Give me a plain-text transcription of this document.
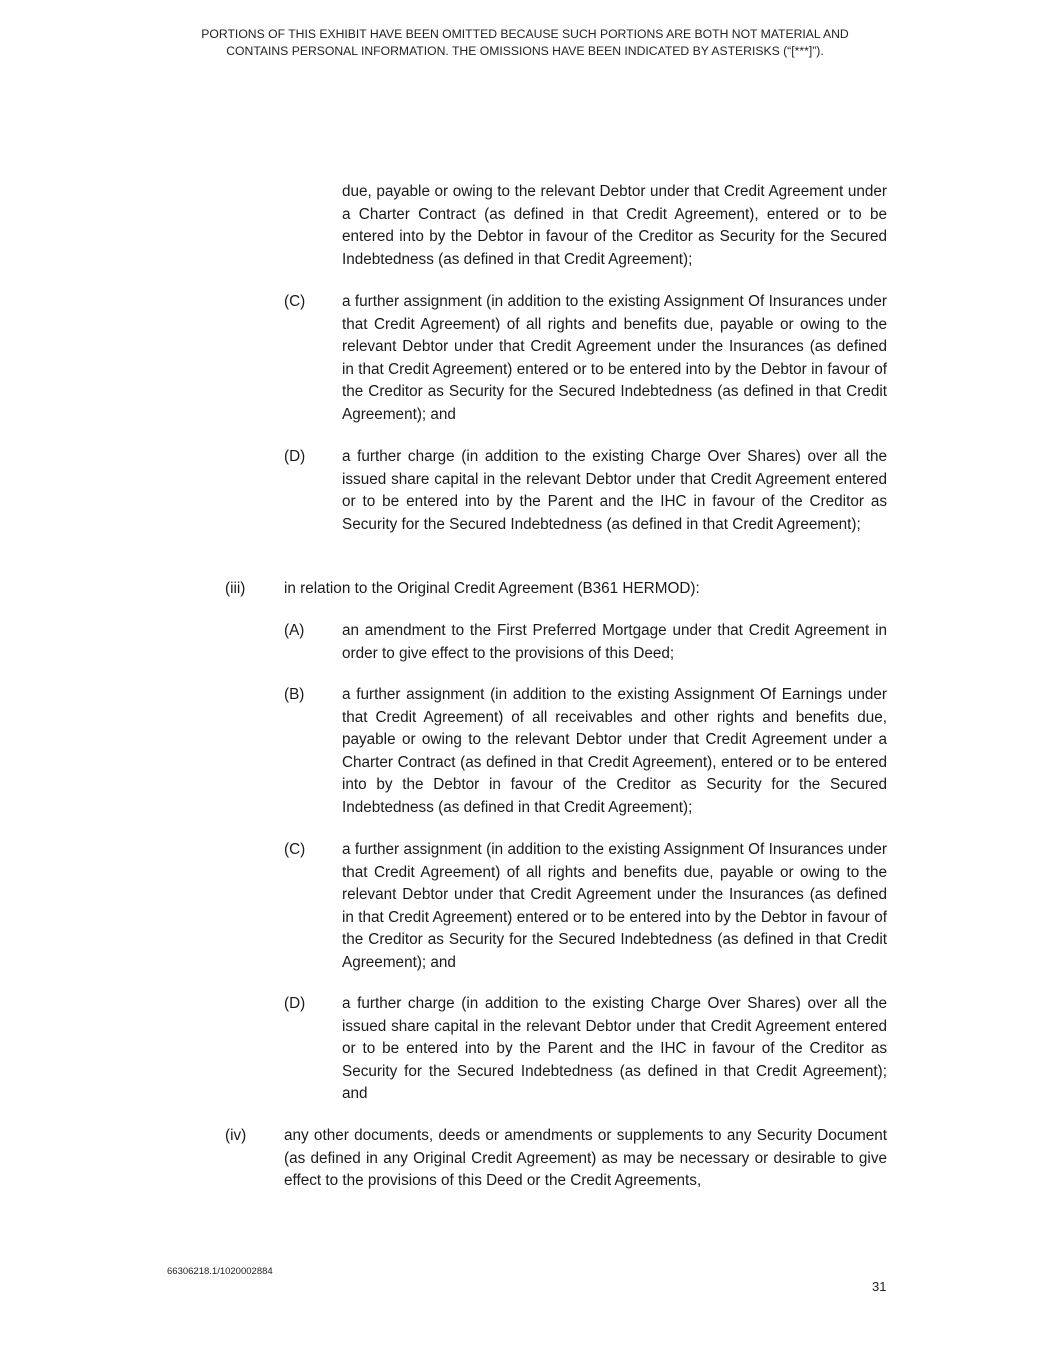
PORTIONS OF THIS EXHIBIT HAVE BEEN OMITTED BECAUSE SUCH PORTIONS ARE BOTH NOT MATERIAL AND
CONTAINS PERSONAL INFORMATION. THE OMISSIONS HAVE BEEN INDICATED BY ASTERISKS (“[***]”).
due, payable or owing to the relevant Debtor under that Credit Agreement under a Charter Contract (as defined in that Credit Agreement), entered or to be entered into by the Debtor in favour of the Creditor as Security for the Secured Indebtedness (as defined in that Credit Agreement);
(C) a further assignment (in addition to the existing Assignment Of Insurances under that Credit Agreement) of all rights and benefits due, payable or owing to the relevant Debtor under that Credit Agreement under the Insurances (as defined in that Credit Agreement) entered or to be entered into by the Debtor in favour of the Creditor as Security for the Secured Indebtedness (as defined in that Credit Agreement); and
(D) a further charge (in addition to the existing Charge Over Shares) over all the issued share capital in the relevant Debtor under that Credit Agreement entered or to be entered into by the Parent and the IHC in favour of the Creditor as Security for the Secured Indebtedness (as defined in that Credit Agreement);
(iii)	in relation to the Original Credit Agreement (B361 HERMOD):
(A) an amendment to the First Preferred Mortgage under that Credit Agreement in order to give effect to the provisions of this Deed;
(B) a further assignment (in addition to the existing Assignment Of Earnings under that Credit Agreement) of all receivables and other rights and benefits due, payable or owing to the relevant Debtor under that Credit Agreement under a Charter Contract (as defined in that Credit Agreement), entered or to be entered into by the Debtor in favour of the Creditor as Security for the Secured Indebtedness (as defined in that Credit Agreement);
(C) a further assignment (in addition to the existing Assignment Of Insurances under that Credit Agreement) of all rights and benefits due, payable or owing to the relevant Debtor under that Credit Agreement under the Insurances (as defined in that Credit Agreement) entered or to be entered into by the Debtor in favour of the Creditor as Security for the Secured Indebtedness (as defined in that Credit Agreement); and
(D) a further charge (in addition to the existing Charge Over Shares) over all the issued share capital in the relevant Debtor under that Credit Agreement entered or to be entered into by the Parent and the IHC in favour of the Creditor as Security for the Secured Indebtedness (as defined in that Credit Agreement); and
(iv) any other documents, deeds or amendments or supplements to any Security Document (as defined in any Original Credit Agreement) as may be necessary or desirable to give effect to the provisions of this Deed or the Credit Agreements,
66306218.1/1020002884
31
